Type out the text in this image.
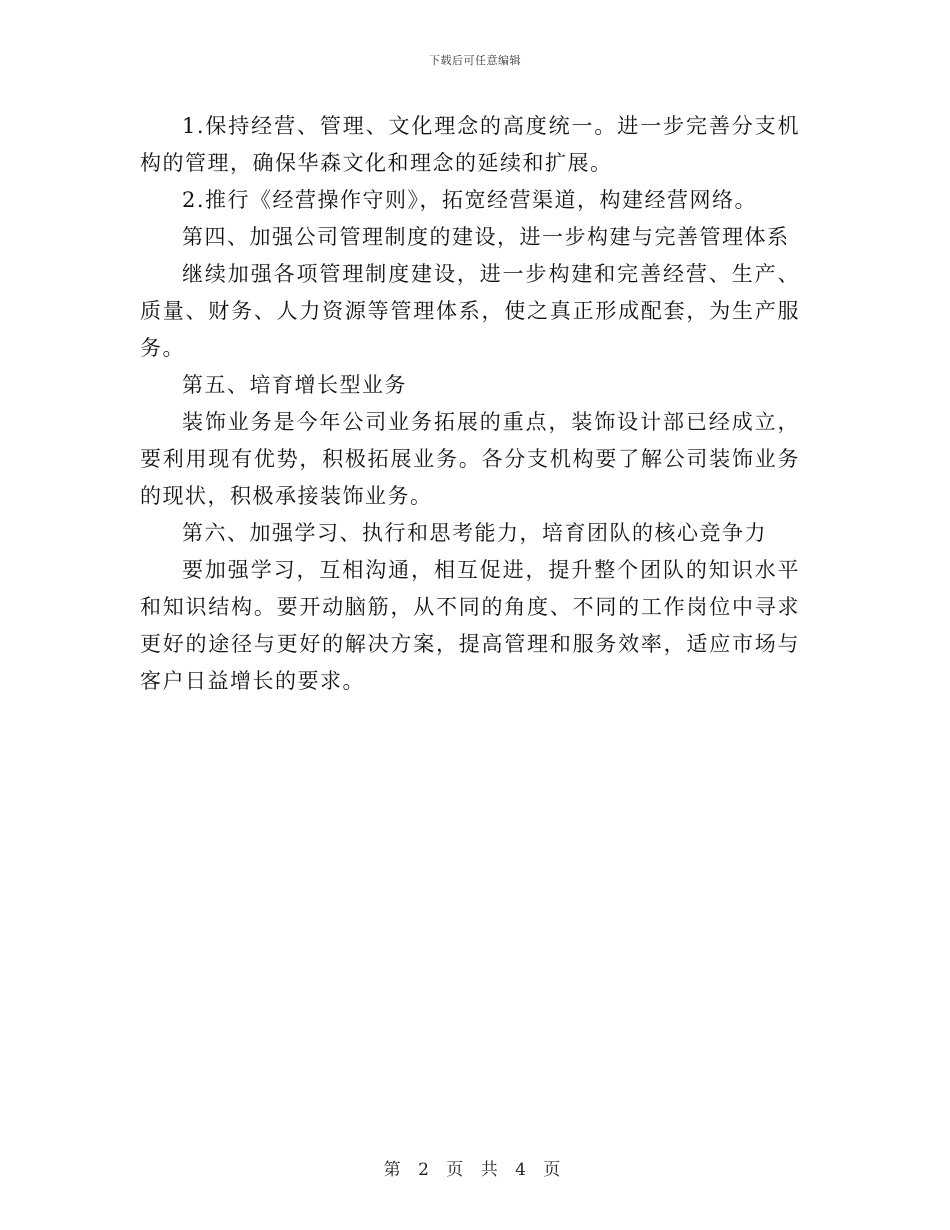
下载后可任意编辑

1.保持经营、管理、文化理念的高度统一。进一步完善分支机构的管理，确保华森文化和理念的延续和扩展。

2.推行《经营操作守则》，拓宽经营渠道，构建经营网络。

第四、加强公司管理制度的建设，进一步构建与完善管理体系

继续加强各项管理制度建设，进一步构建和完善经营、生产、质量、财务、人力资源等管理体系，使之真正形成配套，为生产服务。

第五、培育增长型业务

装饰业务是今年公司业务拓展的重点，装饰设计部已经成立，要利用现有优势，积极拓展业务。各分支机构要了解公司装饰业务的现状，积极承接装饰业务。

第六、加强学习、执行和思考能力，培育团队的核心竞争力

要加强学习，互相沟通，相互促进，提升整个团队的知识水平和知识结构。要开动脑筋，从不同的角度、不同的工作岗位中寻求更好的途径与更好的解决方案，提高管理和服务效率，适应市场与客户日益增长的要求。

第 2 页 共 4 页
